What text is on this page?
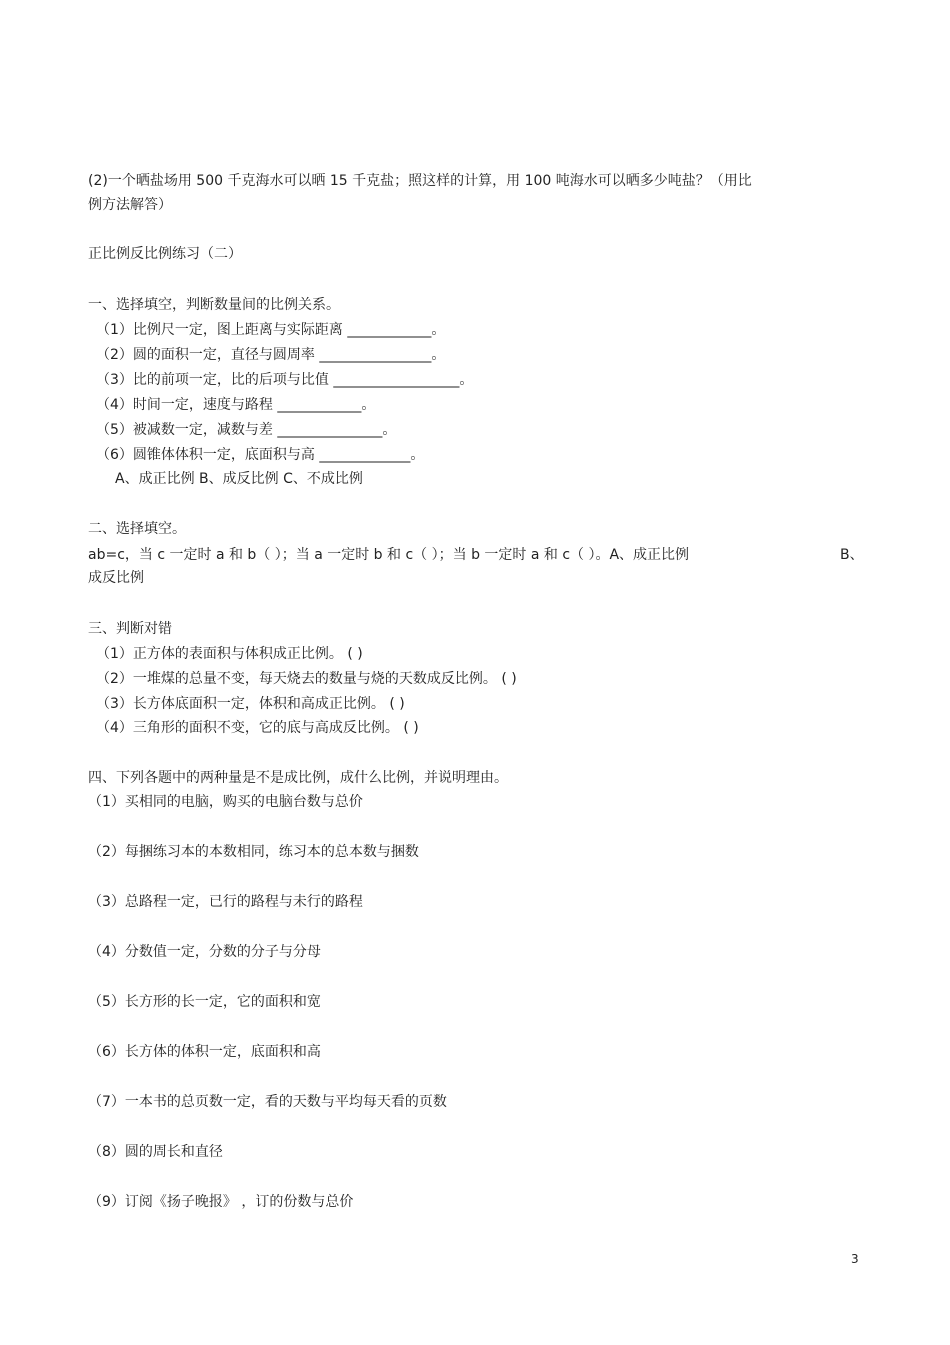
(2)一个晒盐场用 500 千克海水可以晒 15 千克盐；照这样的计算，用 100 吨海水可以晒多少吨盐？（用比
例方法解答）
正比例反比例练习（二）
一、选择填空，判断数量间的比例关系。
（1）比例尺一定，图上距离与实际距离 ____________。
（2）圆的面积一定，直径与圆周率 ________________。
（3）比的前项一定，比的后项与比值 __________________。
（4）时间一定，速度与路程 ____________。
（5）被减数一定，减数与差 _______________。
（6）圆锥体体积一定，底面积与高 _____________。
A、成正比例 B、成反比例 C、不成比例
二、选择填空。
ab=c，当 c 一定时 a 和 b（ ）；当 a 一定时 b 和 c（ ）；当 b 一定时 a 和 c（ ）。A、成正比例	B、
成反比例
三、判断对错
（1）正方体的表面积与体积成正比例。 ( )
（2）一堆煤的总量不变，每天烧去的数量与烧的天数成反比例。 ( )
（3）长方体底面积一定，体积和高成正比例。 ( )
（4）三角形的面积不变，它的底与高成反比例。 ( )
四、下列各题中的两种量是不是成比例，成什么比例，并说明理由。
（1）买相同的电脑，购买的电脑台数与总价
（2）每捆练习本的本数相同，练习本的总本数与捆数
（3）总路程一定，已行的路程与未行的路程
（4）分数值一定，分数的分子与分母
（5）长方形的长一定，它的面积和宽
（6）长方体的体积一定，底面积和高
（7）一本书的总页数一定，看的天数与平均每天看的页数
（8）圆的周长和直径
（9）订阅《扬子晚报》 ，订的份数与总价
3
